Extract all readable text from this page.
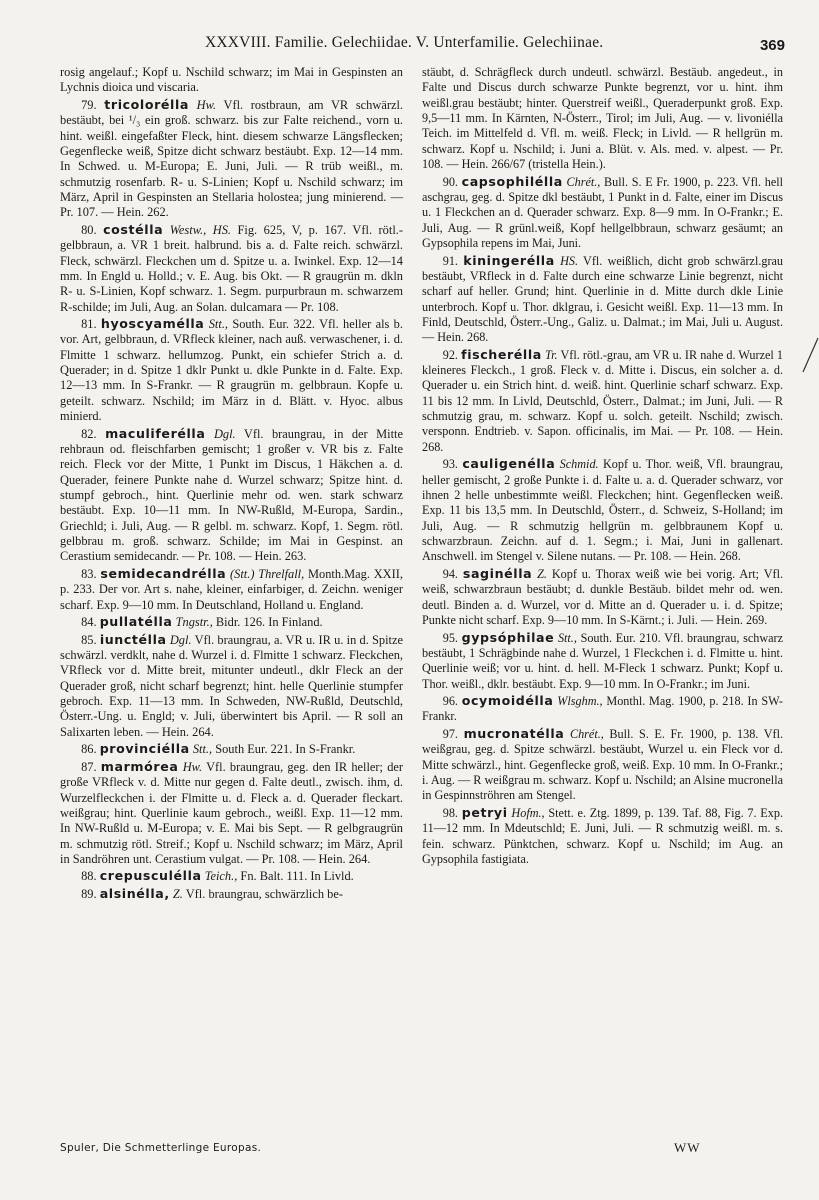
XXXVIII. Familie. Gelechiidae. V. Unterfamilie. Gelechiinae.	369

rosig angelauf.; Kopf u. Nschild schwarz; im Mai in Gespinsten an Lychnis dioica und viscaria.

79. tricolorélla Hw. Vfl. rostbraun, am VR schwärzl. bestäubt, bei ¹/₃ ein groß. schwarz. bis zur Falte reichend., vorn u. hint. weißl. eingefaßter Fleck, hint. diesem schwarze Längsflecken; Gegenflecke weiß, Spitze dicht schwarz bestäubt. Exp. 12—14 mm. In Schwed. u. M-Europa; E. Juni, Juli. — R trüb weißl., m. schmutzig rosenfarb. R- u. S-Linien; Kopf u. Nschild schwarz; im März, April in Gespinsten an Stellaria holostea; jung minierend. — Pr. 107. — Hein. 262.

80. costélla Westw., HS. Fig. 625, V, p. 167. Vfl. rötl.-gelbbraun, a. VR 1 breit. halbrund. bis a. d. Falte reich. schwärzl. Fleck, schwärzl. Fleckchen um d. Spitze u. a. Iwinkel. Exp. 12—14 mm. In Engld u. Holld.; v. E. Aug. bis Okt. — R graugrün m. dkln R- u. S-Linien, Kopf schwarz. 1. Segm. purpurbraun m. schwarzem R-schilde; im Juli, Aug. an Solan. dulcamara — Pr. 108.

81. hyoscyamélla Stt., South. Eur. 322. Vfl. heller als b. vor. Art, gelbbraun, d. VRfleck kleiner, nach auß. verwaschener, i. d. Flmitte 1 schwarz. hellumzog. Punkt, ein schiefer Strich a. d. Querader; in d. Spitze 1 dklr Punkt u. dkle Punkte in d. Falte. Exp. 12—13 mm. In S-Frankr. — R graugrün m. gelbbraun. Kopfe u. geteilt. schwarz. Nschild; im März in d. Blätt. v. Hyoc. albus minierd.

82. maculiferélla Dgl. Vfl. braungrau, in der Mitte rehbraun od. fleischfarben gemischt; 1 großer v. VR bis z. Falte reich. Fleck vor der Mitte, 1 Punkt im Discus, 1 Häkchen a. d. Querader, feinere Punkte nahe d. Wurzel schwarz; Spitze hint. d. stumpf gebroch., hint. Querlinie mehr od. wen. stark schwarz bestäubt. Exp. 10—11 mm. In NW-Rußld, M-Europa, Sardin., Griechld; i. Juli, Aug. — R gelbl. m. schwarz. Kopf, 1. Segm. rötl. gelbbrau m. groß. schwarz. Schilde; im Mai in Gespinst. an Cerastium semidecandr. — Pr. 108. — Hein. 263.

83. semidecandrélla (Stt.) Threlfall, Month.Mag. XXII, p. 233. Der vor. Art s. nahe, kleiner, einfarbiger, d. Zeichn. weniger scharf. Exp. 9—10 mm. In Deutschland, Holland u. England.

84. pullatélla Tngstr., Bidr. 126. In Finland.

85. iunctélla Dgl. Vfl. braungrau, a. VR u. IR u. in d. Spitze schwärzl. verdklt, nahe d. Wurzel i. d. Flmitte 1 schwarz. Fleckchen, VRfleck vor d. Mitte breit, mitunter undeutl., dklr Fleck an der Querader groß, nicht scharf begrenzt; hint. helle Querlinie stumpfer gebroch. Exp. 11—13 mm. In Schweden, NW-Rußld, Deutschld, Österr.-Ung. u. Engld; v. Juli, überwintert bis April. — R soll an Salixarten leben. — Hein. 264.

86. provinciélla Stt., South Eur. 221. In S-Frankr.

87. marmórea Hw. Vfl. braungrau, geg. den IR heller; der große VRfleck v. d. Mitte nur gegen d. Falte deutl., zwisch. ihm, d. Wurzelfleckchen i. der Flmitte u. d. Fleck a. d. Querader fleckart. weißgrau; hint. Querlinie kaum gebroch., weißl. Exp. 11—12 mm. In NW-Rußld u. M-Europa; v. E. Mai bis Sept. — R gelbgraugrün m. schmutzig rötl. Streif.; Kopf u. Nschild schwarz; im März, April in Sandröhren unt. Cerastium vulgat. — Pr. 108. — Hein. 264.

88. crepusculélla Teich., Fn. Balt. 111. In Livld.

89. alsinélla, Z. Vfl. braungrau, schwärzlich be-

stäubt, d. Schrägfleck durch undeutl. schwärzl. Bestäub. angedeut., in Falte und Discus durch schwarze Punkte begrenzt, vor u. hint. ihm weißl.grau bestäubt; hinter. Querstreif weißl., Queraderpunkt groß. Exp. 9,5—11 mm. In Kärnten, N-Österr., Tirol; im Juli, Aug. — v. livoniélla Teich. im Mittelfeld d. Vfl. m. weiß. Fleck; in Livld. — R hellgrün m. schwarz. Kopf u. Nschild; i. Juni a. Blüt. v. Als. med. v. alpest. — Pr. 108. — Hein. 266/67 (tristella Hein.).

90. capsophilélla Chrét., Bull. S. E Fr. 1900, p. 223. Vfl. hell aschgrau, geg. d. Spitze dkl bestäubt, 1 Punkt in d. Falte, einer im Discus u. 1 Fleckchen an d. Querader schwarz. Exp. 8—9 mm. In O-Frankr.; E. Juli, Aug. — R grünl.weiß, Kopf hellgelbbraun, schwarz gesäumt; an Gypsophila repens im Mai, Juni.

91. kiningerélla HS. Vfl. weißlich, dicht grob schwärzl.grau bestäubt, VRfleck in d. Falte durch eine schwarze Linie begrenzt, nicht scharf auf heller. Grund; hint. Querlinie in d. Mitte durch dkle Linie unterbroch. Kopf u. Thor. dklgrau, i. Gesicht weißl. Exp. 11—13 mm. In Finld, Deutschld, Österr.-Ung., Galiz. u. Dalmat.; im Mai, Juli u. August. — Hein. 268.

92. fischerélla Tr. Vfl. rötl.-grau, am VR u. IR nahe d. Wurzel 1 kleineres Fleckch., 1 groß. Fleck v. d. Mitte i. Discus, ein solcher a. d. Querader u. ein Strich hint. d. weiß. hint. Querlinie scharf schwarz. Exp. 11 bis 12 mm. In Livld, Deutschld, Österr., Dalmat.; im Juni, Juli. — R schmutzig grau, m. schwarz. Kopf u. solch. geteilt. Nschild; zwisch. versponn. Endtrieb. v. Sapon. officinalis, im Mai. — Pr. 108. — Hein. 268.

93. cauligenélla Schmid. Kopf u. Thor. weiß, Vfl. braungrau, heller gemischt, 2 große Punkte i. d. Falte u. a. d. Querader schwarz, vor ihnen 2 helle unbestimmte weißl. Fleckchen; hint. Gegenflecken weiß. Exp. 11 bis 13,5 mm. In Deutschld, Österr., d. Schweiz, S-Holland; im Juli, Aug. — R schmutzig hellgrün m. gelbbraunem Kopf u. schwarzbraun. Zeichn. auf d. 1. Segm.; i. Mai, Juni in gallenart. Anschwell. im Stengel v. Silene nutans. — Pr. 108. — Hein. 268.

94. saginélla Z. Kopf u. Thorax weiß wie bei vorig. Art; Vfl. weiß, schwarzbraun bestäubt; d. dunkle Bestäub. bildet mehr od. wen. deutl. Binden a. d. Wurzel, vor d. Mitte an d. Querader u. i. d. Spitze; Punkte nicht scharf. Exp. 9—10 mm. In S-Kärnt.; i. Juli. — Hein. 269.

95. gypsóphilae Stt., South. Eur. 210. Vfl. braungrau, schwarz bestäubt, 1 Schrägbinde nahe d. Wurzel, 1 Fleckchen i. d. Flmitte u. hint. Querlinie weiß; vor u. hint. d. hell. M-Fleck 1 schwarz. Punkt; Kopf u. Thor. weißl., dklr. bestäubt. Exp. 9—10 mm. In O-Frankr.; im Juni.

96. ocymoidélla Wlsghm., Monthl. Mag. 1900, p. 218. In SW-Frankr.

97. mucronatélla Chrét., Bull. S. E. Fr. 1900, p. 138. Vfl. weißgrau, geg. d. Spitze schwärzl. bestäubt, Wurzel u. ein Fleck vor d. Mitte schwärzl., hint. Gegenflecke groß, weiß. Exp. 10 mm. In O-Frankr.; i. Aug. — R weißgrau m. schwarz. Kopf u. Nschild; an Alsine mucronella in Gespinnströhren am Stengel.

98. petryi Hofm., Stett. e. Ztg. 1899, p. 139. Taf. 88, Fig. 7. Exp. 11—12 mm. In Mdeutschld; E. Juni, Juli. — R schmutzig weißl. m. s. fein. schwarz. Pünktchen, schwarz. Kopf u. Nschild; im Aug. an Gypsophila fastigiata.

Spuler, Die Schmetterlinge Europas.	WW
